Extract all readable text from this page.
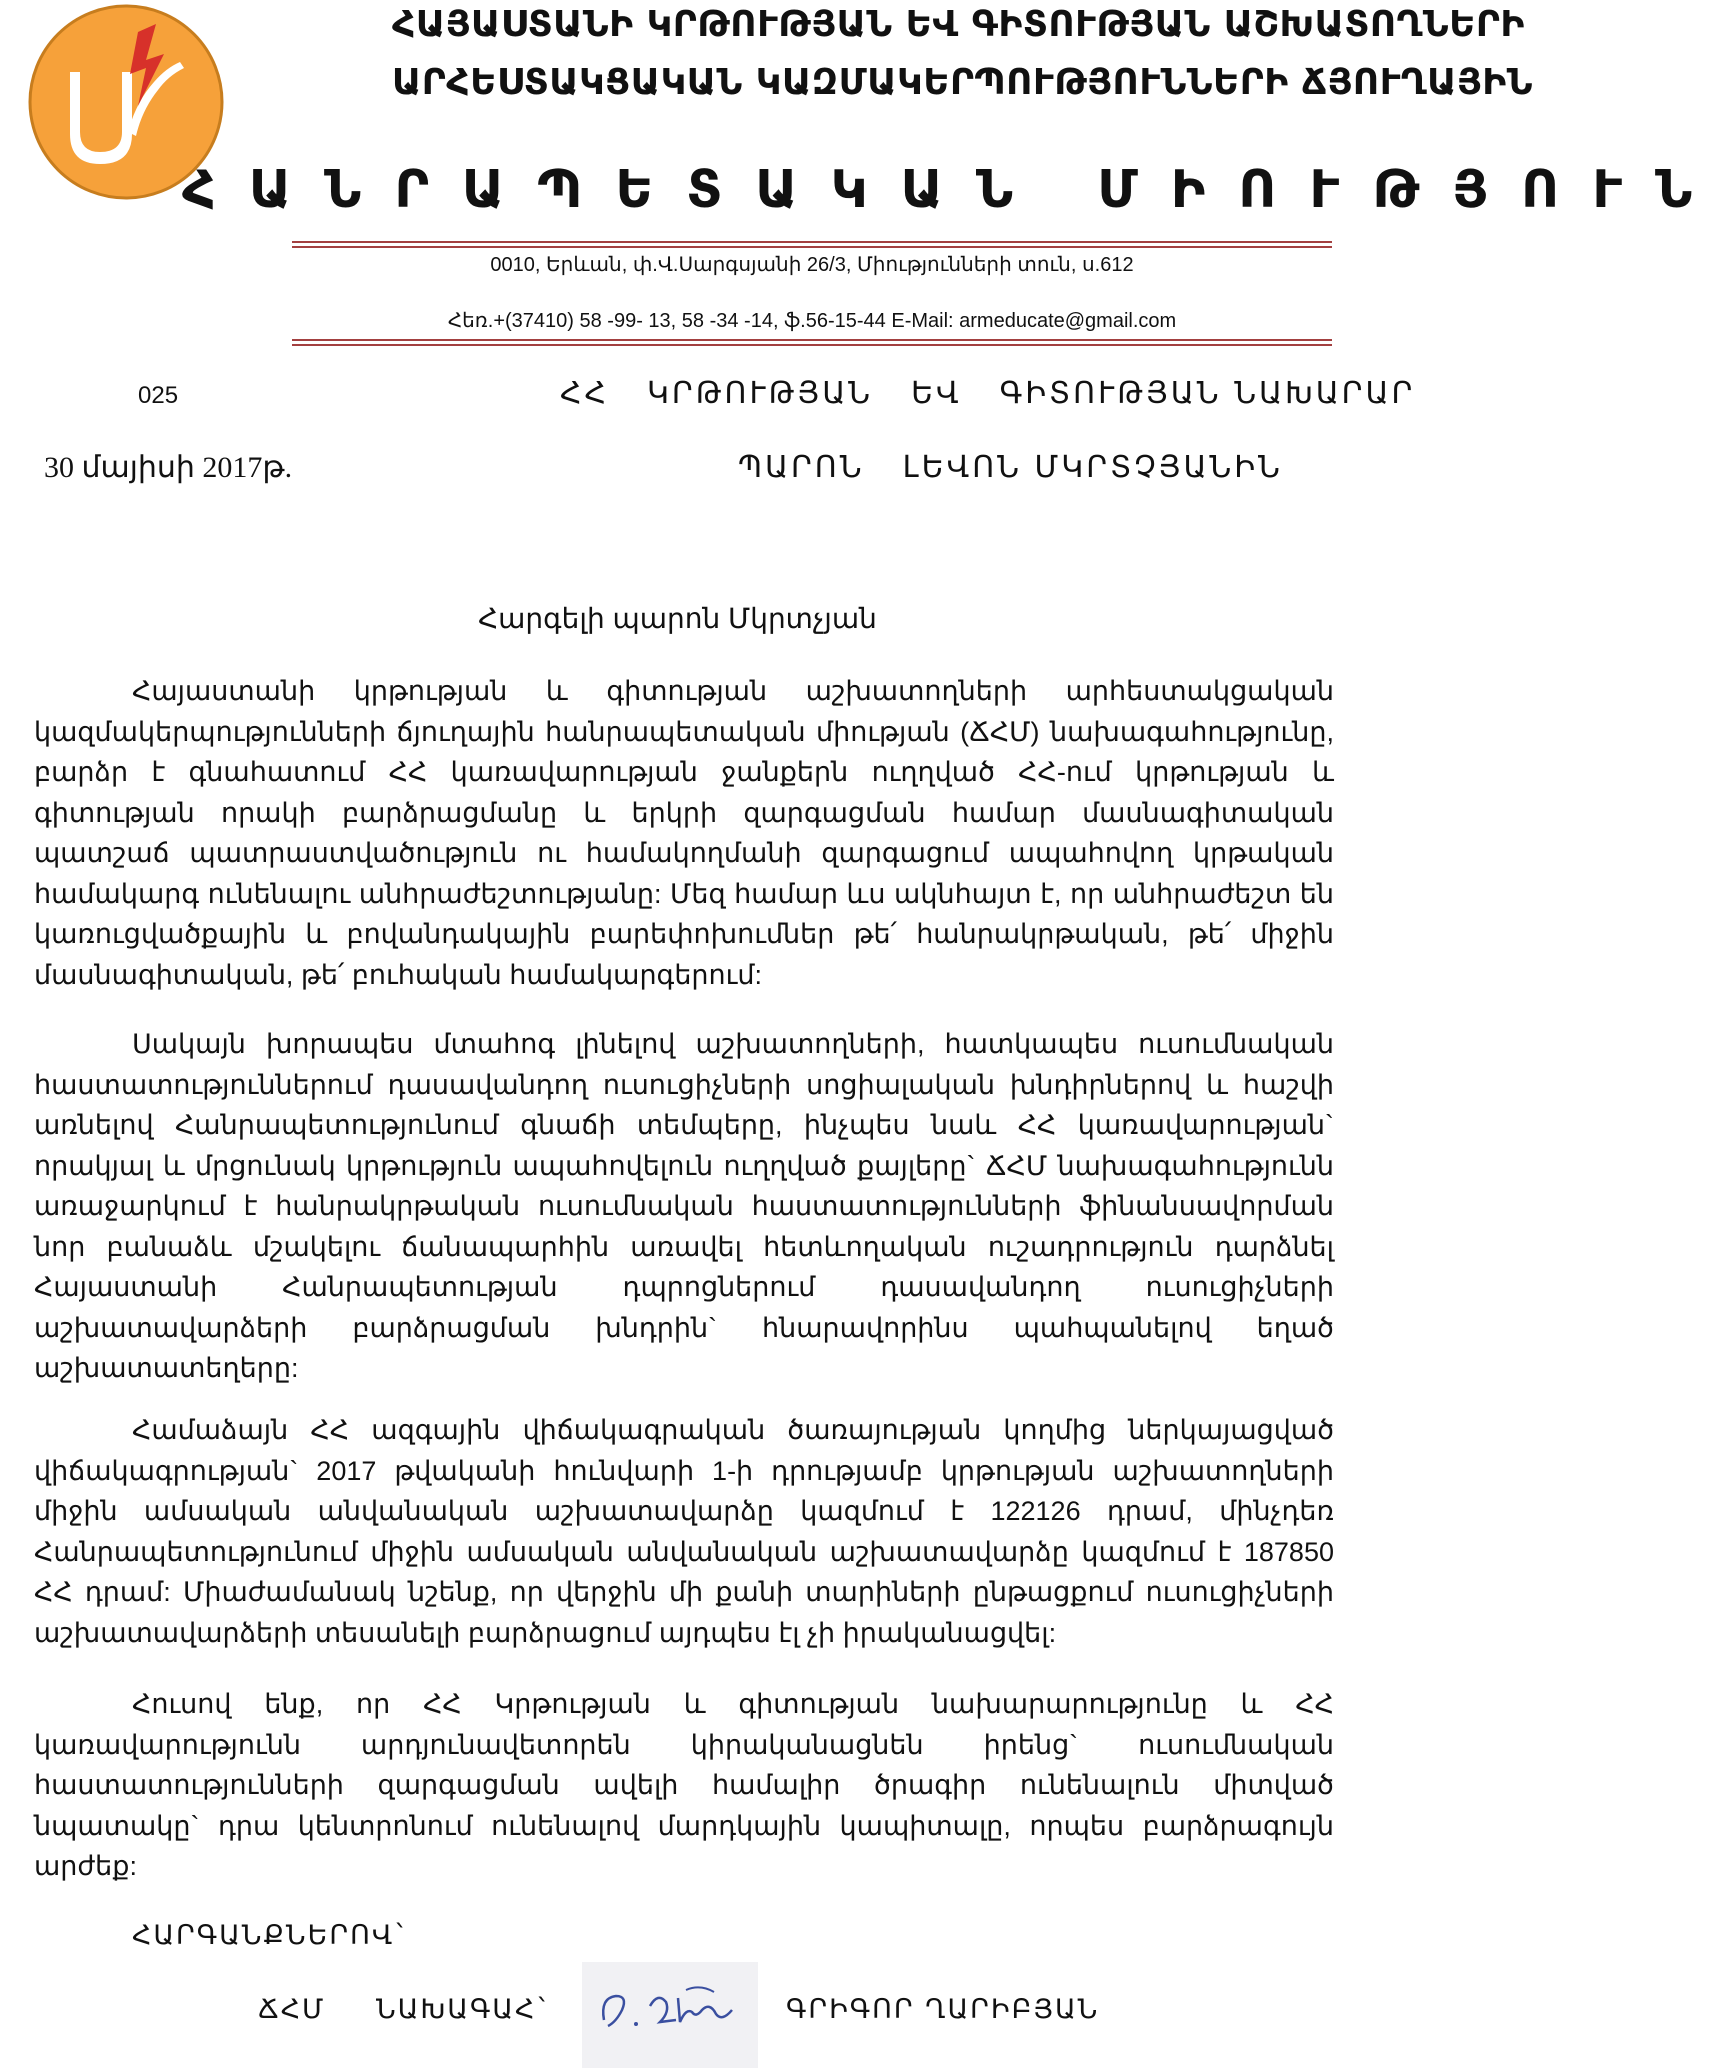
ՀԱՅԱՍՏԱՆԻ ԿՐԹՈՒԹՅԱՆ ԵՎ ԳԻՏՈՒԹՅԱՆ ԱՇԽԱՏՈՂՆԵՐԻ
ԱՐՀԵՍՏԱԿՑԱԿԱՆ ԿԱԶՄԱԿԵՐՊՈՒԹՅՈՒՆՆԵՐԻ ՃՅՈՒՂԱՅԻՆ
ՀԱՆՐԱՊԵՏԱԿԱՆ ՄԻՈՒԹՅՈՒՆ
0010, Երևան, փ.Վ.Սարգսյանի 26/3, Միությունների տուն, ս.612
Հեռ.+(37410) 58 -99- 13, 58 -34 -14, ֆ.56-15-44 E-Mail: armeducate@gmail.com
025
30 մայիսի 2017թ.
ՀՀ ԿՐԹՈՒԹՅԱՆ ԵՎ ԳԻՏՈՒԹՅԱՆ ՆԱԽԱՐԱՐ
ՊԱՐՈՆ ԼԵՎՈՆ ՄԿՐՏՉՅԱՆԻՆ
Հարգելի պարոն Մկրտչյան

Հայաստանի կրթության և գիտության աշխատողների արհեստակցական կազմակերպությունների ճյուղային հանրապետական միության (ՃՀՄ) նախագահությունը, բարձր է գնահատում ՀՀ կառավարության ջանքերն ուղղված ՀՀ-ում կրթության և գիտության որակի բարձրացմանը և երկրի զարգացման համար մասնագիտական պատշաճ պատրաստվածություն ու համակողմանի զարգացում ապահովող կրթական համակարգ ունենալու անհրաժեշտությանը: Մեզ համար ևս ակնհայտ է, որ անհրաժեշտ են կառուցվածքային և բովանդակային բարեփոխումներ թե՛ հանրակրթական, թե՛ միջին մասնագիտական, թե՛ բուհական համակարգերում:

Սակայն խորապես մտահոգ լինելով աշխատողների, հատկապես ուսումնական հաստատություններում դասավանդող ուսուցիչների սոցիալական խնդիրներով և հաշվի առնելով Հանրապետությունում գնաճի տեմպերը, ինչպես նաև ՀՀ կառավարության` որակյալ և մրցունակ կրթություն ապահովելուն ուղղված քայլերը` ՃՀՄ նախագահությունն առաջարկում է հանրակրթական ուսումնական հաստատությունների ֆինանսավորման նոր բանաձև մշակելու ճանապարհին առավել հետևողական ուշադրություն դարձնել Հայաստանի Հանրապետության դպրոցներում դասավանդող ուսուցիչների աշխատավարձերի բարձրացման խնդրին` հնարավորինս պահպանելով եղած աշխատատեղերը:

Համաձայն ՀՀ ազգային վիճակագրական ծառայության կողմից ներկայացված վիճակագրության` 2017 թվականի հունվարի 1-ի դրությամբ կրթության աշխատողների միջին ամսական անվանական աշխատավարձը կազմում է 122126 դրամ, մինչդեռ Հանրապետությունում միջին ամսական անվանական աշխատավարձը կազմում է 187850 ՀՀ դրամ: Միաժամանակ նշենք, որ վերջին մի քանի տարիների ընթացքում ուսուցիչների աշխատավարձերի տեսանելի բարձրացում այդպես էլ չի իրականացվել:

Հուսով ենք, որ ՀՀ Կրթության և գիտության նախարարությունը և ՀՀ կառավարությունն արդյունավետորեն կիրականացնեն իրենց` ուսումնական հաստատությունների զարգացման ավելի համալիր ծրագիր ունենալուն միտված նպատակը` դրա կենտրոնում ունենալով մարդկային կապիտալը, որպես բարձրագույն արժեք:

ՀԱՐԳԱՆՔՆԵՐՈՎ`
ՃՀՄ ՆԱԽԱԳԱՀ`	ԳՐԻԳՈՐ ՂԱՐԻԲՅԱՆ
